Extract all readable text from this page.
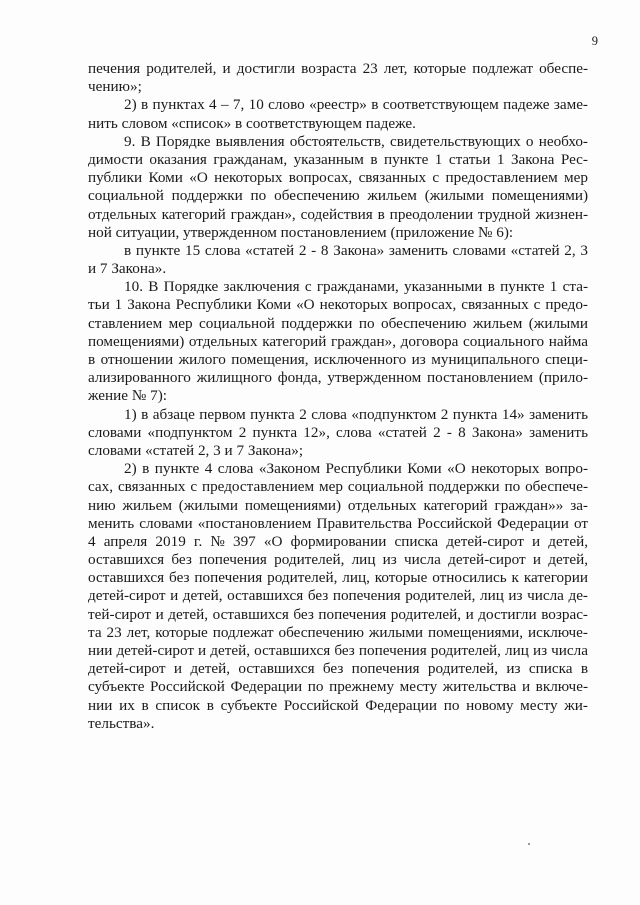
9
печения родителей, и достигли возраста 23 лет, которые подлежат обеспе-
чению»;
2) в пунктах 4 – 7, 10 слово «реестр» в соответствующем падеже заме-
нить словом «список» в соответствующем падеже.
9. В Порядке выявления обстоятельств, свидетельствующих о необхо-
димости оказания гражданам, указанным в пункте 1 статьи 1 Закона Рес-
публики Коми «О некоторых вопросах, связанных с предоставлением мер
социальной поддержки по обеспечению жильем (жилыми помещениями)
отдельных категорий граждан», содействия в преодолении трудной жизнен-
ной ситуации, утвержденном постановлением (приложение № 6):
в пункте 15 слова «статей 2 - 8 Закона» заменить словами «статей 2, 3
и 7 Закона».
10. В Порядке заключения с гражданами, указанными в пункте 1 ста-
тьи 1 Закона Республики Коми «О некоторых вопросах, связанных с предо-
ставлением мер социальной поддержки по обеспечению жильем (жилыми
помещениями) отдельных категорий граждан», договора социального найма
в отношении жилого помещения, исключенного из муниципального специ-
ализированного жилищного фонда, утвержденном постановлением (прило-
жение № 7):
1) в абзаце первом пункта 2 слова «подпунктом 2 пункта 14» заменить
словами «подпунктом 2 пункта 12», слова «статей 2 - 8 Закона» заменить
словами «статей 2, 3 и 7 Закона»;
2) в пункте 4 слова «Законом Республики Коми «О некоторых вопро-
сах, связанных с предоставлением мер социальной поддержки по обеспече-
нию жильем (жилыми помещениями) отдельных категорий граждан»» за-
менить словами «постановлением Правительства Российской Федерации от
4 апреля 2019 г. № 397 «О формировании списка детей-сирот и детей,
оставшихся без попечения родителей, лиц из числа детей-сирот и детей,
оставшихся без попечения родителей, лиц, которые относились к категории
детей-сирот и детей, оставшихся без попечения родителей, лиц из числа де-
тей-сирот и детей, оставшихся без попечения родителей, и достигли возрас-
та 23 лет, которые подлежат обеспечению жилыми помещениями, исключе-
нии детей-сирот и детей, оставшихся без попечения родителей, лиц из числа
детей-сирот и детей, оставшихся без попечения родителей, из списка в
субъекте Российской Федерации по прежнему месту жительства и включе-
нии их в список в субъекте Российской Федерации по новому месту жи-
тельства».
